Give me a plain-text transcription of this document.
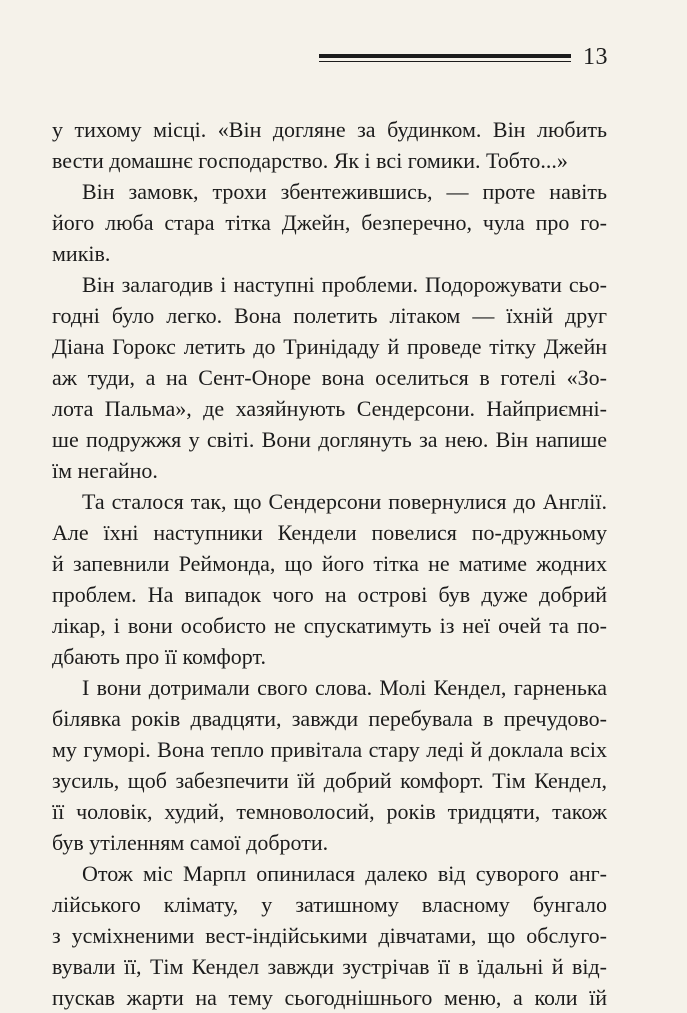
13
у тихому місці. «Він догляне за будинком. Він любить
вести домашнє господарство. Як і всі гомики. Тобто...»
Він замовк, трохи збентежившись, — проте навіть
його люба стара тітка Джейн, безперечно, чула про го-
миків.
Він залагодив і наступні проблеми. Подорожувати сьо-
годні було легко. Вона полетить літаком — їхній друг
Діана Горокс летить до Тринідаду й проведе тітку Джейн
аж туди, а на Сент-Оноре вона оселиться в готелі «Зо-
лота Пальма», де хазяйнують Сендерсони. Найприємні-
ше подружжя у світі. Вони доглянуть за нею. Він напише
їм негайно.
Та сталося так, що Сендерсони повернулися до Англії.
Але їхні наступники Кендели повелися по-дружньому
й запевнили Реймонда, що його тітка не матиме жодних
проблем. На випадок чого на острові був дуже добрий
лікар, і вони особисто не спускатимуть із неї очей та по-
дбають про її комфорт.
І вони дотримали свого слова. Молі Кендел, гарненька
білявка років двадцяти, завжди перебувала в пречудово-
му гуморі. Вона тепло привітала стару леді й доклала всіх
зусиль, щоб забезпечити їй добрий комфорт. Тім Кендел,
її чоловік, худий, темноволосий, років тридцяти, також
був утіленням самої доброти.
Отож міс Марпл опинилася далеко від суворого анг-
лійського клімату, у затишному власному бунгало
з усміхненими вест-індійськими дівчатами, що обслуго-
вували її, Тім Кендел завжди зустрічав її в їдальні й від-
пускав жарти на тему сьогоднішнього меню, а коли їй
